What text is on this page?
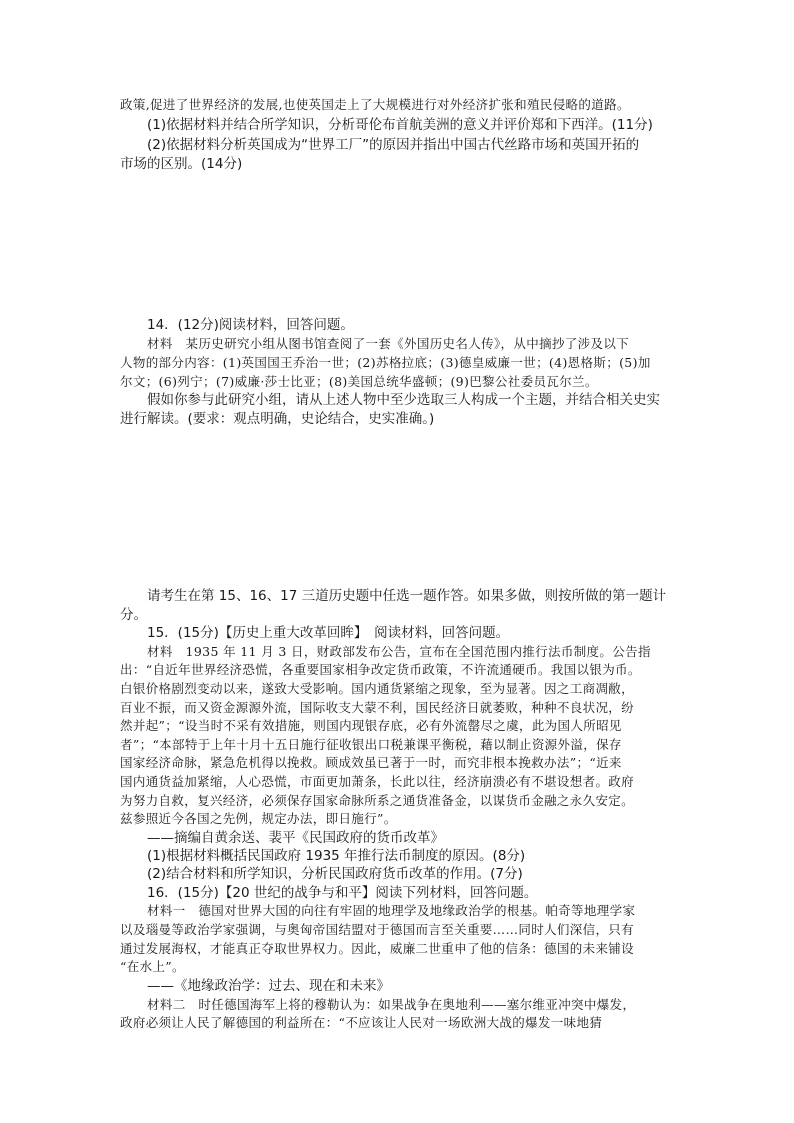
政策,促进了世界经济的发展,也使英国走上了大规模进行对外经济扩张和殖民侵略的道路。
(1)依据材料并结合所学知识，分析哥伦布首航美洲的意义并评价郑和下西洋。(11分)
(2)依据材料分析英国成为“世界工厂”的原因并指出中国古代丝路市场和英国开拓的
市场的区别。(14分)
14．(12分)阅读材料，回答问题。
材料　某历史研究小组从图书馆查阅了一套《外国历史名人传》，从中摘抄了涉及以下
人物的部分内容：(1)英国国王乔治一世；(2)苏格拉底；(3)德皇威廉一世；(4)恩格斯；(5)加
尔文；(6)列宁；(7)威廉·莎士比亚；(8)美国总统华盛顿；(9)巴黎公社委员瓦尔兰。
假如你参与此研究小组，请从上述人物中至少选取三人构成一个主题，并结合相关史实
进行解读。(要求：观点明确，史论结合，史实准确。)
请考生在第 15、16、17 三道历史题中任选一题作答。如果多做，则按所做的第一题计
分。
15．(15分)【历史上重大改革回眸】　阅读材料，回答问题。
材料　1935 年 11 月 3 日，财政部发布公告，宣布在全国范围内推行法币制度。公告指
出：“自近年世界经济恐慌，各重要国家相争改定货币政策，不许流通硬币。我国以银为币。
白银价格剧烈变动以来，遂致大受影响。国内通货紧缩之现象，至为显著。因之工商凋敝，
百业不振，而又资金源源外流，国际收支大蒙不利，国民经济日就萎败，种种不良状况，纷
然并起”；“设当时不采有效措施，则国内现银存底，必有外流罄尽之虞，此为国人所昭见
者”；“本部特于上年十月十五日施行征收银出口税兼课平衡税，藉以制止资源外溢，保存
国家经济命脉，紧急危机得以挽救。顾成效虽已著于一时，而究非根本挽救办法”；“近来
国内通货益加紧缩，人心恐慌，市面更加萧条，长此以往，经济崩溃必有不堪设想者。政府
为努力自救，复兴经济，必须保存国家命脉所系之通货准备金，以谋货币金融之永久安定。
兹参照近今各国之先例，规定办法，即日施行”。
——摘编自黄余送、裴平《民国政府的货币改革》
(1)根据材料概括民国政府 1935 年推行法币制度的原因。(8分)
(2)结合材料和所学知识，分析民国政府货币改革的作用。(7分)
16．(15分)【20 世纪的战争与和平】阅读下列材料，回答问题。
材料一　德国对世界大国的向往有牢固的地理学及地缘政治学的根基。帕奇等地理学家
以及瑙曼等政治学家强调，与奥匈帝国结盟对于德国而言至关重要……同时人们深信，只有
通过发展海权，才能真正夺取世界权力。因此，威廉二世重申了他的信条：德国的未来铺设
“在水上”。
——《地缘政治学：过去、现在和未来》
材料二　时任德国海军上将的穆勒认为：如果战争在奥地利——塞尔维亚冲突中爆发，
政府必须让人民了解德国的利益所在：“不应该让人民对一场欧洲大战的爆发一味地猜
